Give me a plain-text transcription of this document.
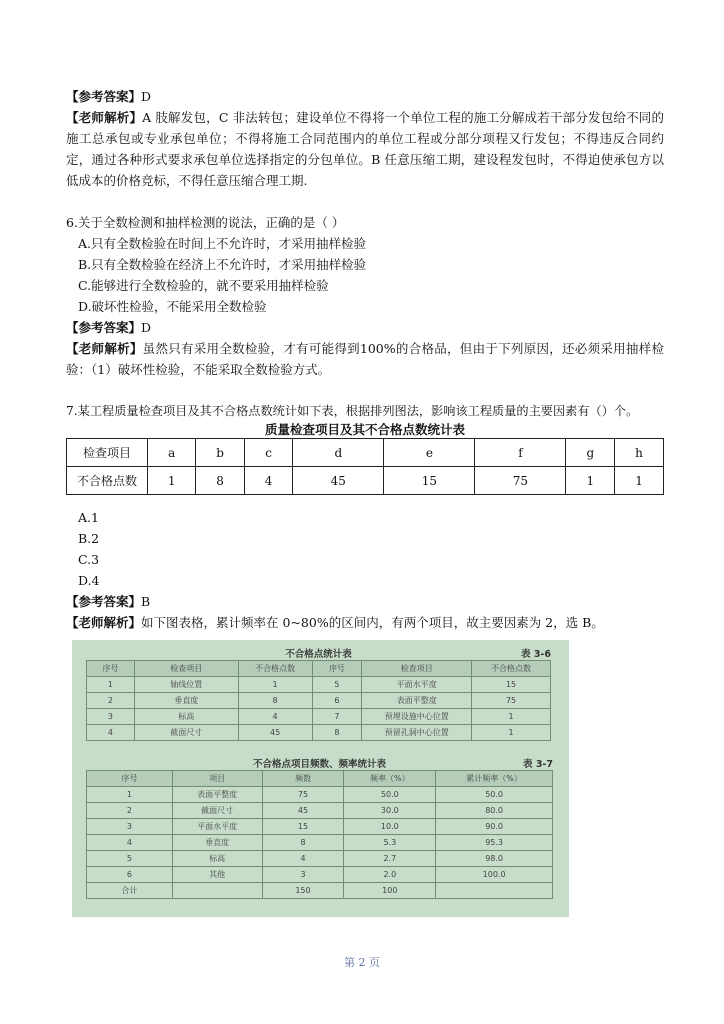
【参考答案】D

【老师解析】A 肢解发包，C 非法转包；建设单位不得将一个单位工程的施工分解成若干部分发包给不同的施工总承包或专业承包单位；不得将施工合同范围内的单位工程或分部分项程又行发包；不得违反合同约定，通过各种形式要求承包单位选择指定的分包单位。B 任意压缩工期，建设程发包时，不得迫使承包方以低成本的价格竞标，不得任意压缩合理工期.

6.关于全数检测和抽样检测的说法，正确的是（ ）

A.只有全数检验在时间上不允许时，才采用抽样检验

B.只有全数检验在经济上不允许时，才采用抽样检验

C.能够进行全数检验的，就不要采用抽样检验

D.破坏性检验，不能采用全数检验

【参考答案】D

【老师解析】虽然只有采用全数检验，才有可能得到100%的合格品，但由于下列原因，还必须采用抽样检验：（1）破坏性检验，不能采取全数检验方式。

7.某工程质量检查项目及其不合格点数统计如下表，根据排列图法，影响该工程质量的主要因素有（）个。

质量检查项目及其不合格点数统计表
检查项目	a	b	c	d	e	f	g	h
不合格点数	1	8	4	45	15	75	1	1

A.1

B.2

C.3

D.4

【参考答案】B

【老师解析】如下图表格，累计频率在 0~80%的区间内，有两个项目，故主要因素为 2，选 B。

不合格点统计表	表 3-6
序号	检查项目	不合格点数	序号	检查项目	不合格点数
1	轴线位置	1	5	平面水平度	15
2	垂直度	8	6	表面平整度	75
3	标高	4	7	预埋设施中心位置	1
4	截面尺寸	45	8	预留孔洞中心位置	1
不合格点项目频数、频率统计表	表 3-7
序号	项目	频数	频率（%）	累计频率（%）
1	表面平整度	75	50.0	50.0
2	截面尺寸	45	30.0	80.0
3	平面水平度	15	10.0	90.0
4	垂直度	8	5.3	95.3
5	标高	4	2.7	98.0
6	其他	3	2.0	100.0
合计		150	100	
第 2 页
